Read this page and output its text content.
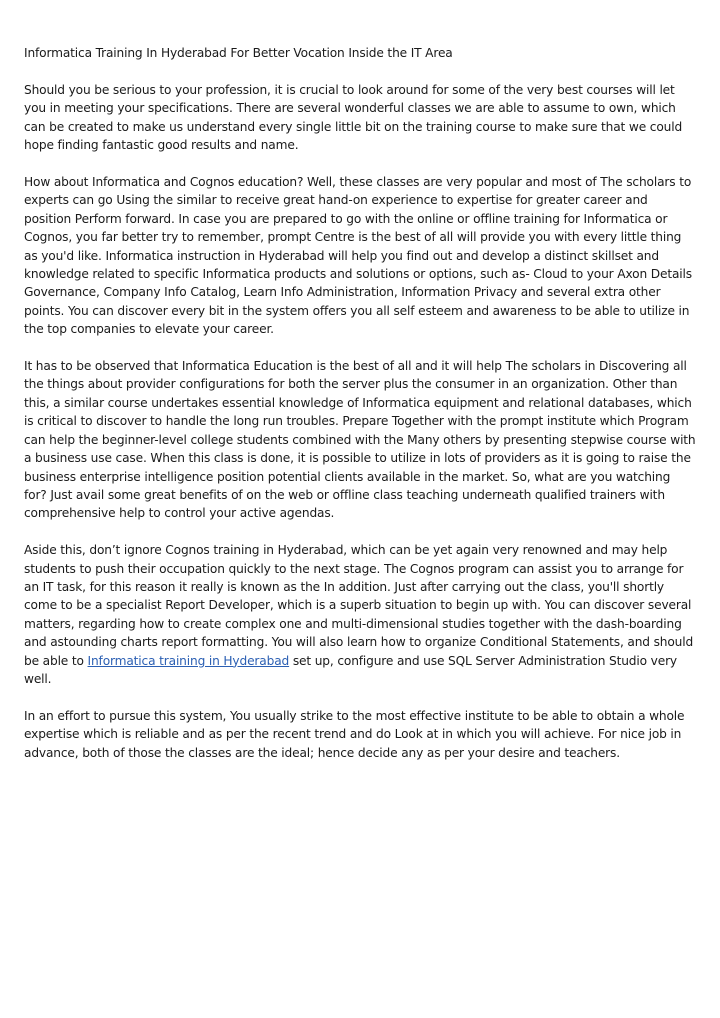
Informatica Training In Hyderabad For Better Vocation Inside the IT Area

Should you be serious to your profession, it is crucial to look around for some of the very best courses will let you in meeting your specifications. There are several wonderful classes we are able to assume to own, which can be created to make us understand every single little bit on the training course to make sure that we could hope finding fantastic good results and name.

How about Informatica and Cognos education? Well, these classes are very popular and most of The scholars to experts can go Using the similar to receive great hand-on experience to expertise for greater career and position Perform forward. In case you are prepared to go with the online or offline training for Informatica or Cognos, you far better try to remember, prompt Centre is the best of all will provide you with every little thing as you'd like. Informatica instruction in Hyderabad will help you find out and develop a distinct skillset and knowledge related to specific Informatica products and solutions or options, such as- Cloud to your Axon Details Governance, Company Info Catalog, Learn Info Administration, Information Privacy and several extra other points. You can discover every bit in the system offers you all self esteem and awareness to be able to utilize in the top companies to elevate your career.

It has to be observed that Informatica Education is the best of all and it will help The scholars in Discovering all the things about provider configurations for both the server plus the consumer in an organization. Other than this, a similar course undertakes essential knowledge of Informatica equipment and relational databases, which is critical to discover to handle the long run troubles. Prepare Together with the prompt institute which Program can help the beginner-level college students combined with the Many others by presenting stepwise course with a business use case. When this class is done, it is possible to utilize in lots of providers as it is going to raise the business enterprise intelligence position potential clients available in the market. So, what are you watching for? Just avail some great benefits of on the web or offline class teaching underneath qualified trainers with comprehensive help to control your active agendas.

Aside this, don’t ignore Cognos training in Hyderabad, which can be yet again very renowned and may help students to push their occupation quickly to the next stage. The Cognos program can assist you to arrange for an IT task, for this reason it really is known as the In addition. Just after carrying out the class, you'll shortly come to be a specialist Report Developer, which is a superb situation to begin up with. You can discover several matters, regarding how to create complex one and multi-dimensional studies together with the dash-boarding and astounding charts report formatting. You will also learn how to organize Conditional Statements, and should be able to Informatica training in Hyderabad set up, configure and use SQL Server Administration Studio very well.

In an effort to pursue this system, You usually strike to the most effective institute to be able to obtain a whole expertise which is reliable and as per the recent trend and do Look at in which you will achieve. For nice job in advance, both of those the classes are the ideal; hence decide any as per your desire and teachers.
